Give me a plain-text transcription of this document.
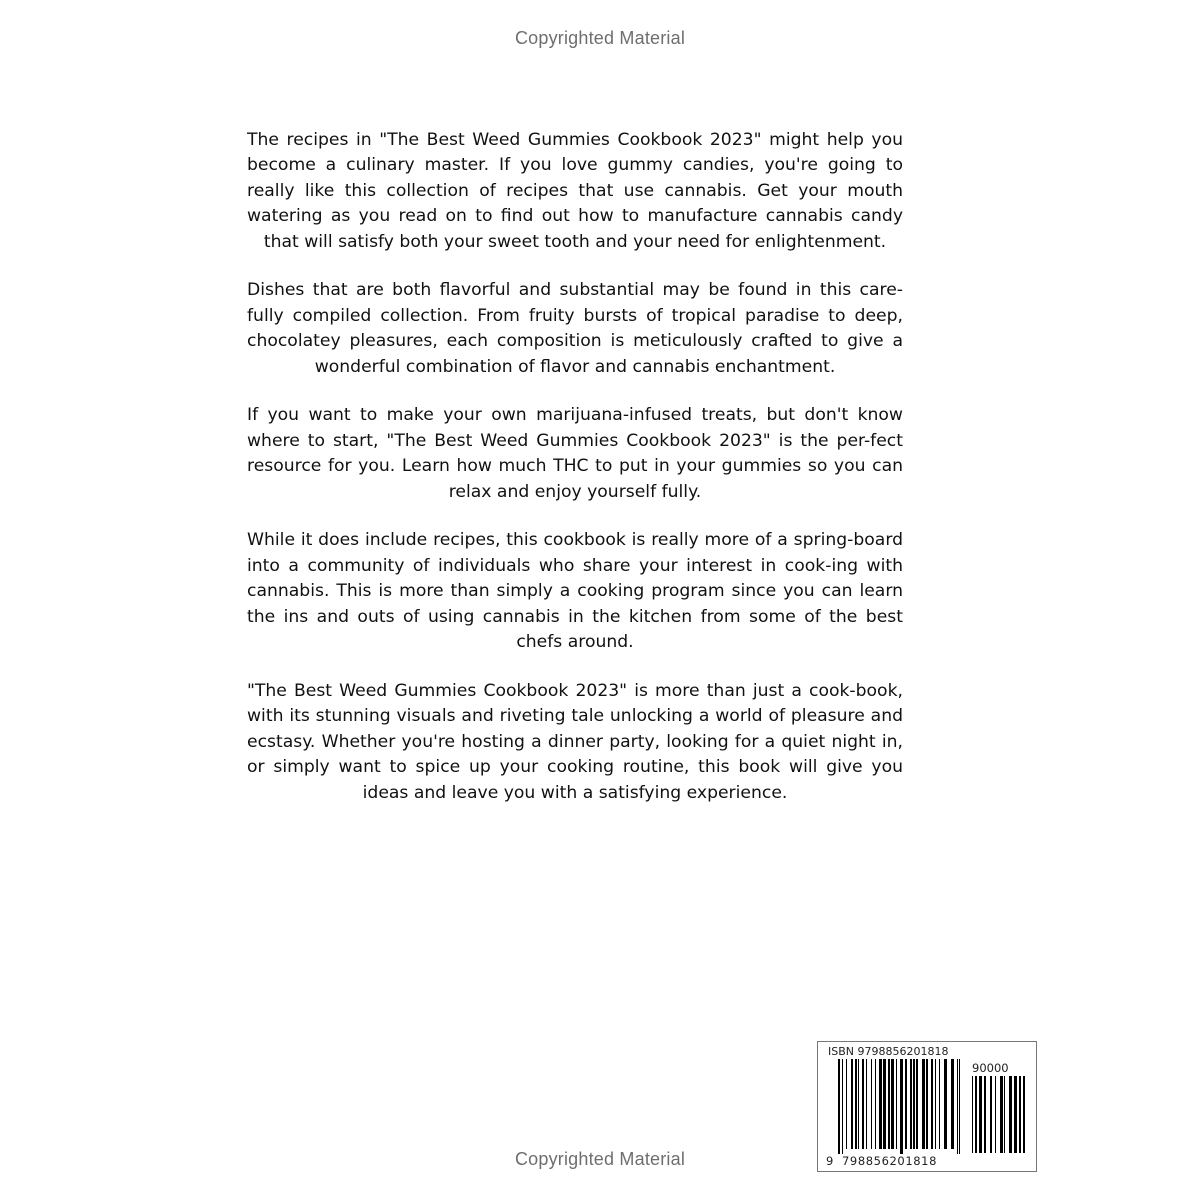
Copyrighted Material

The recipes in "The Best Weed Gummies Cookbook 2023" might help you become a culinary master. If you love gummy candies, you're going to really like this collection of recipes that use cannabis. Get your mouth watering as you read on to find out how to manufacture cannabis candy that will satisfy both your sweet tooth and your need for enlightenment.

Dishes that are both flavorful and substantial may be found in this care-fully compiled collection. From fruity bursts of tropical paradise to deep, chocolatey pleasures, each composition is meticulously crafted to give a wonderful combination of flavor and cannabis enchantment.

If you want to make your own marijuana-infused treats, but don't know where to start, "The Best Weed Gummies Cookbook 2023" is the per-fect resource for you. Learn how much THC to put in your gummies so you can relax and enjoy yourself fully.

While it does include recipes, this cookbook is really more of a spring-board into a community of individuals who share your interest in cook-ing with cannabis. This is more than simply a cooking program since you can learn the ins and outs of using cannabis in the kitchen from some of the best chefs around.

"The Best Weed Gummies Cookbook 2023" is more than just a cook-book, with its stunning visuals and riveting tale unlocking a world of pleasure and ecstasy. Whether you're hosting a dinner party, looking for a quiet night in, or simply want to spice up your cooking routine, this book will give you ideas and leave you with a satisfying experience.

ISBN 9798856201818
90000
9 798856201818
Copyrighted Material
